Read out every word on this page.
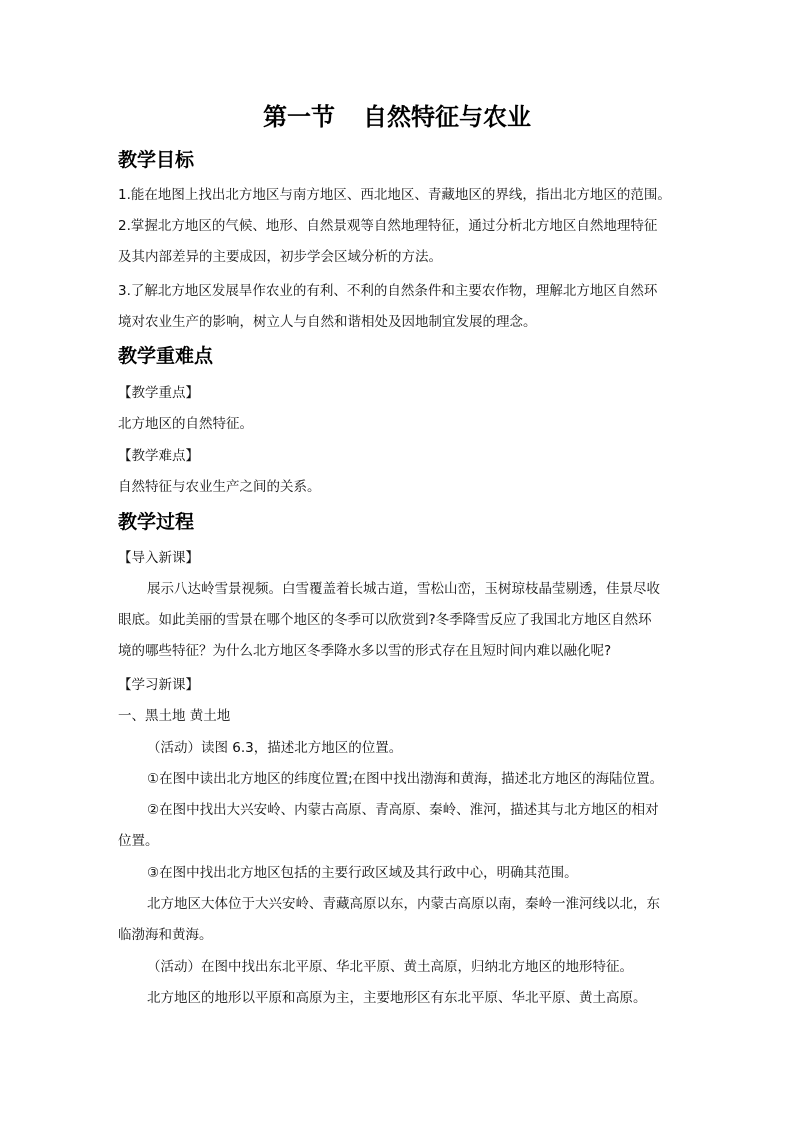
第一节 自然特征与农业
教学目标
1.能在地图上找出北方地区与南方地区、西北地区、青藏地区的界线，指出北方地区的范围。
2.掌握北方地区的气候、地形、自然景观等自然地理特征，通过分析北方地区自然地理特征
及其内部差异的主要成因，初步学会区域分析的方法。
3.了解北方地区发展旱作农业的有利、不利的自然条件和主要农作物，理解北方地区自然环
境对农业生产的影响，树立人与自然和谐相处及因地制宜发展的理念。
教学重难点
【教学重点】
北方地区的自然特征。
【教学难点】
自然特征与农业生产之间的关系。
教学过程
【导入新课】
展示八达岭雪景视频。白雪覆盖着长城古道，雪松山峦，玉树琼枝晶莹剔透，佳景尽收
眼底。如此美丽的雪景在哪个地区的冬季可以欣赏到?冬季降雪反应了我国北方地区自然环
境的哪些特征？为什么北方地区冬季降水多以雪的形式存在且短时间内难以融化呢?
【学习新课】
一、黑土地 黄土地
（活动）读图 6.3，描述北方地区的位置。
①在图中读出北方地区的纬度位置;在图中找出渤海和黄海，描述北方地区的海陆位置。
②在图中找出大兴安岭、内蒙古高原、青高原、秦岭、淮河，描述其与北方地区的相对
位置。
③在图中找出北方地区包括的主要行政区域及其行政中心，明确其范围。
北方地区大体位于大兴安岭、青藏高原以东，内蒙古高原以南，秦岭一淮河线以北，东
临渤海和黄海。
（活动）在图中找出东北平原、华北平原、黄土高原，归纳北方地区的地形特征。
北方地区的地形以平原和高原为主，主要地形区有东北平原、华北平原、黄土高原。
